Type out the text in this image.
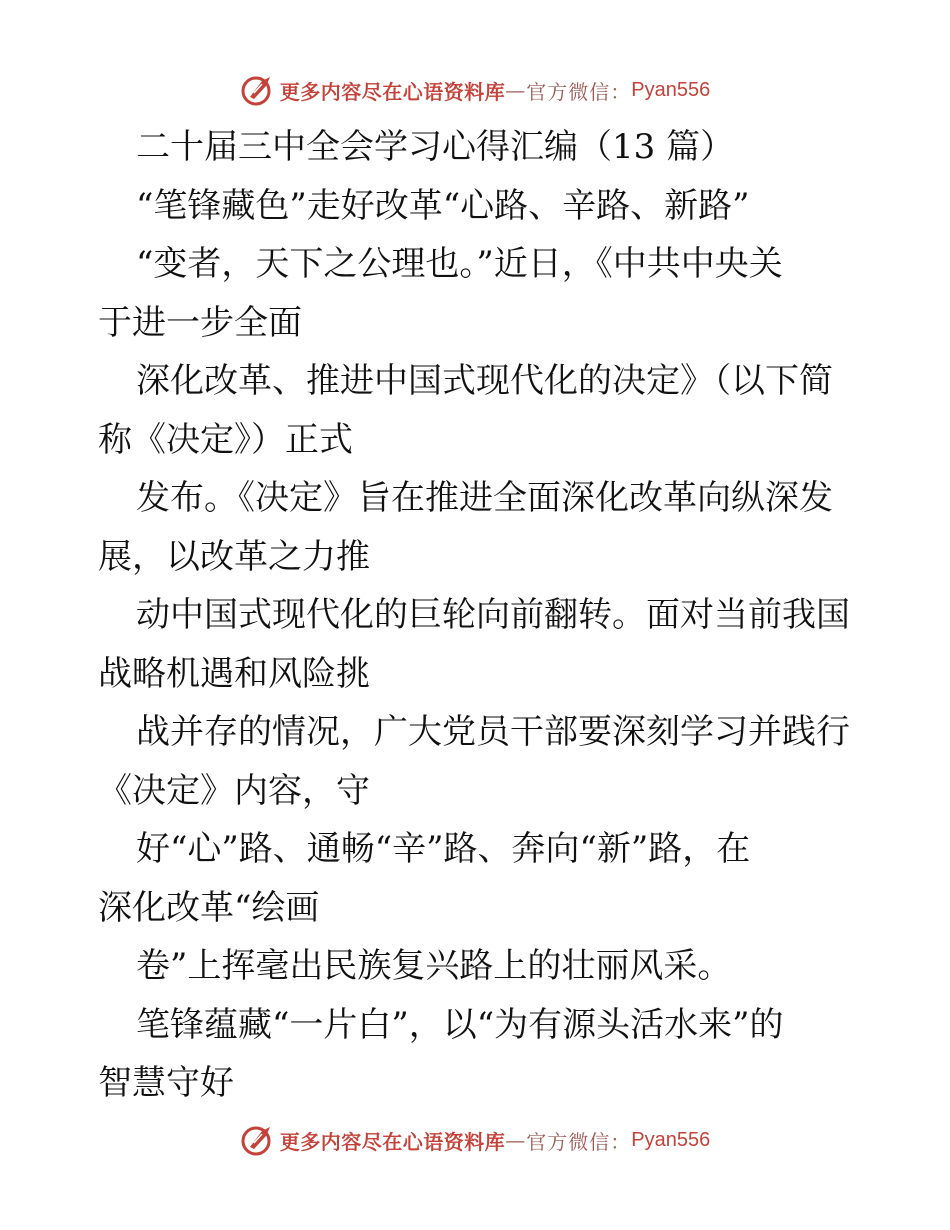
更多内容尽在心语资料库 — 官方微信： Pyan556
二十届三中全会学习心得汇编（13 篇）
“笔锋藏色”走好改革“心路、辛路、新路”
“变者，天下之公理也。”近日，《中共中央关
于进一步全面
深化改革、推进中国式现代化的决定》（以下简
称《决定》）正式
发布。《决定》旨在推进全面深化改革向纵深发
展，以改革之力推
动中国式现代化的巨轮向前翻转。面对当前我国
战略机遇和风险挑
战并存的情况，广大党员干部要深刻学习并践行
《决定》内容，守
好“心”路、通畅“辛”路、奔向“新”路，在
深化改革“绘画
卷”上挥毫出民族复兴路上的壮丽风采。
笔锋蕴藏“一片白”，以“为有源头活水来”的
智慧守好
更多内容尽在心语资料库 — 官方微信： Pyan556
